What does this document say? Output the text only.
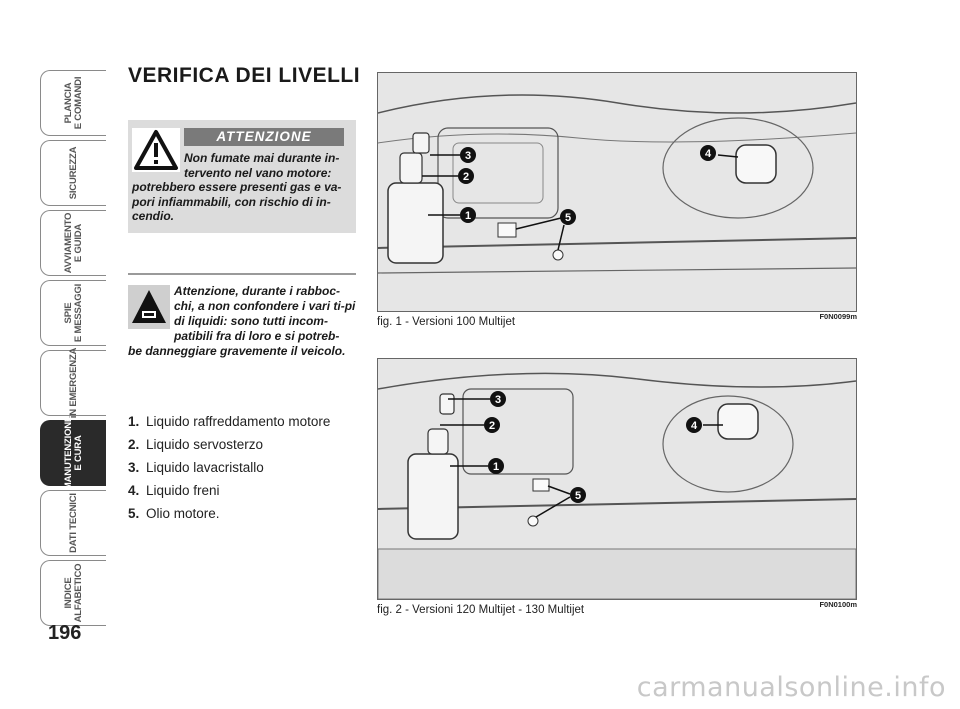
PLANCIA
E COMANDI
SICUREZZA
AVVIAMENTO
E GUIDA
SPIE
E MESSAGGI
IN EMERGENZA
MANUTENZIONE
E CURA
DATI TECNICI
INDICE
ALFABETICO
196
VERIFICA DEI LIVELLI
ATTENZIONE
Non fumate mai durante in-tervento nel vano motore:
potrebbero essere presenti gas e va-pori infiammabili, con rischio di in-cendio.
Attenzione, durante i rabboc-chi, a non confondere i vari ti-pi di liquidi: sono tutti incom-patibili fra di loro e si potreb-
be danneggiare gravemente il veicolo.
1. Liquido raffreddamento motore
2. Liquido servosterzo
3. Liquido lavacristallo
4. Liquido freni
5. Olio motore.
1
2
3	4
5
fig. 1 - Versioni 100 Multijet	F0N0099m
1
2
3
4
5
fig. 2 - Versioni 120 Multijet - 130 Multijet	F0N0100m
carmanualsonline.info
